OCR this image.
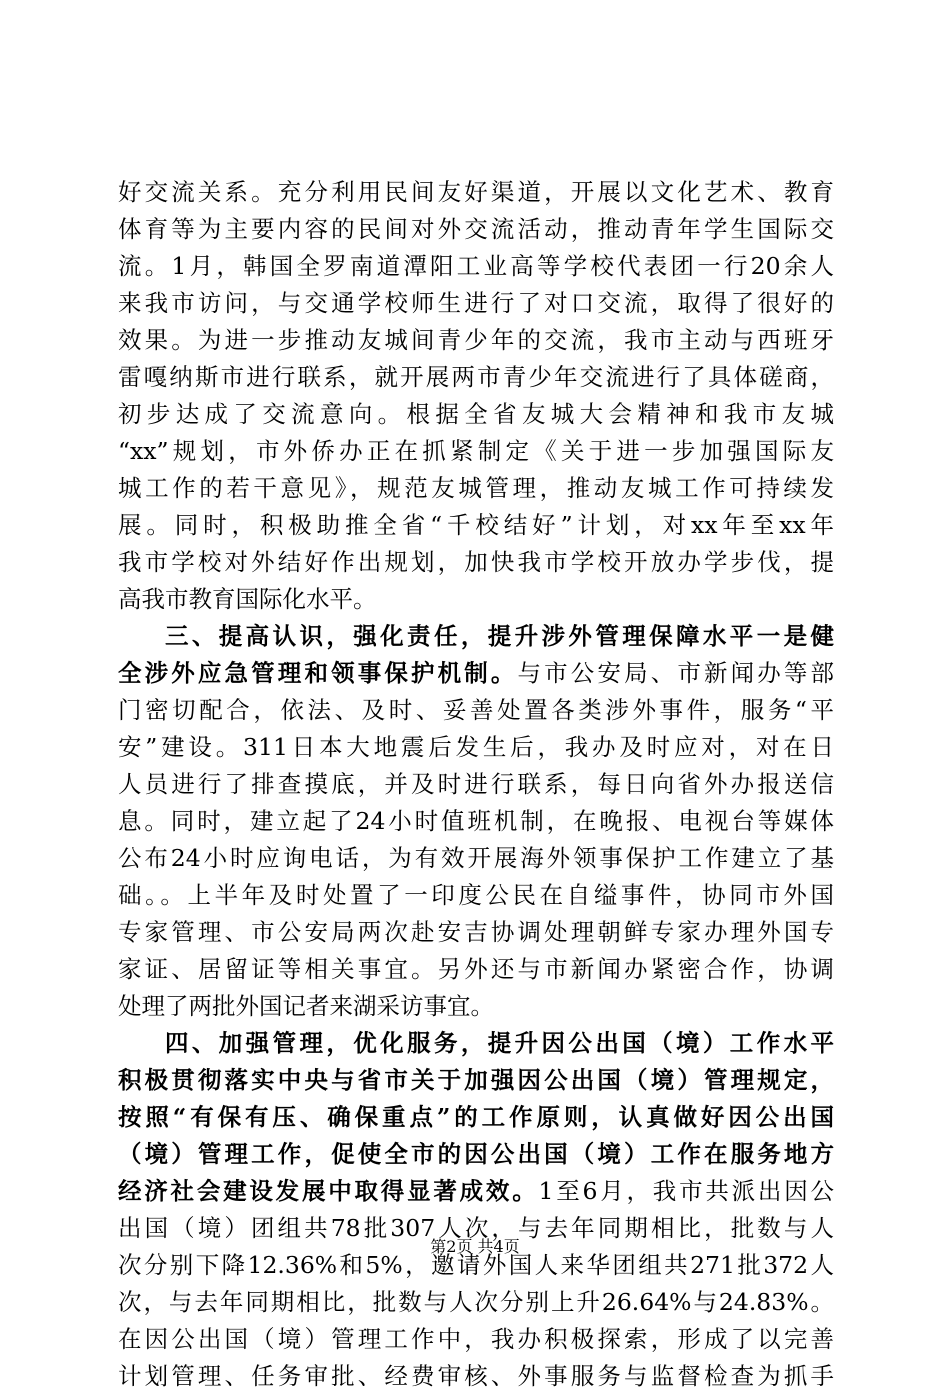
好交流关系。充分利用民间友好渠道，开展以文化艺术、教育
体育等为主要内容的民间对外交流活动，推动青年学生国际交
流。1月，韩国全罗南道潭阳工业高等学校代表团一行20余人
来我市访问，与交通学校师生进行了对口交流，取得了很好的
效果。为进一步推动友城间青少年的交流，我市主动与西班牙
雷嘎纳斯市进行联系，就开展两市青少年交流进行了具体磋商，
初步达成了交流意向。根据全省友城大会精神和我市友城
“xx”规划，市外侨办正在抓紧制定《关于进一步加强国际友
城工作的若干意见》，规范友城管理，推动友城工作可持续发
展。同时，积极助推全省“千校结好”计划，对xx年至xx年
我市学校对外结好作出规划，加快我市学校开放办学步伐，提
高我市教育国际化水平。
三、提高认识，强化责任，提升涉外管理保障水平一是健
全涉外应急管理和领事保护机制。与市公安局、市新闻办等部
门密切配合，依法、及时、妥善处置各类涉外事件，服务“平
安”建设。311日本大地震后发生后，我办及时应对，对在日
人员进行了排查摸底，并及时进行联系，每日向省外办报送信
息。同时，建立起了24小时值班机制，在晚报、电视台等媒体
公布24小时应询电话，为有效开展海外领事保护工作建立了基
础。。上半年及时处置了一印度公民在自缢事件，协同市外国
专家管理、市公安局两次赴安吉协调处理朝鲜专家办理外国专
家证、居留证等相关事宜。另外还与市新闻办紧密合作，协调
处理了两批外国记者来湖采访事宜。
四、加强管理，优化服务，提升因公出国（境）工作水平
积极贯彻落实中央与省市关于加强因公出国（境）管理规定，
按照“有保有压、确保重点”的工作原则，认真做好因公出国
（境）管理工作，促使全市的因公出国（境）工作在服务地方
经济社会建设发展中取得显著成效。1至6月，我市共派出因公
出国（境）团组共78批307人次，与去年同期相比，批数与人
次分别下降12.36%和5%，邀请外国人来华团组共271批372人
次，与去年同期相比，批数与人次分别上升26.64%与24.83%。
在因公出国（境）管理工作中，我办积极探索，形成了以完善
计划管理、任务审批、经费审核、外事服务与监督检查为抓手
第2页 共4页
